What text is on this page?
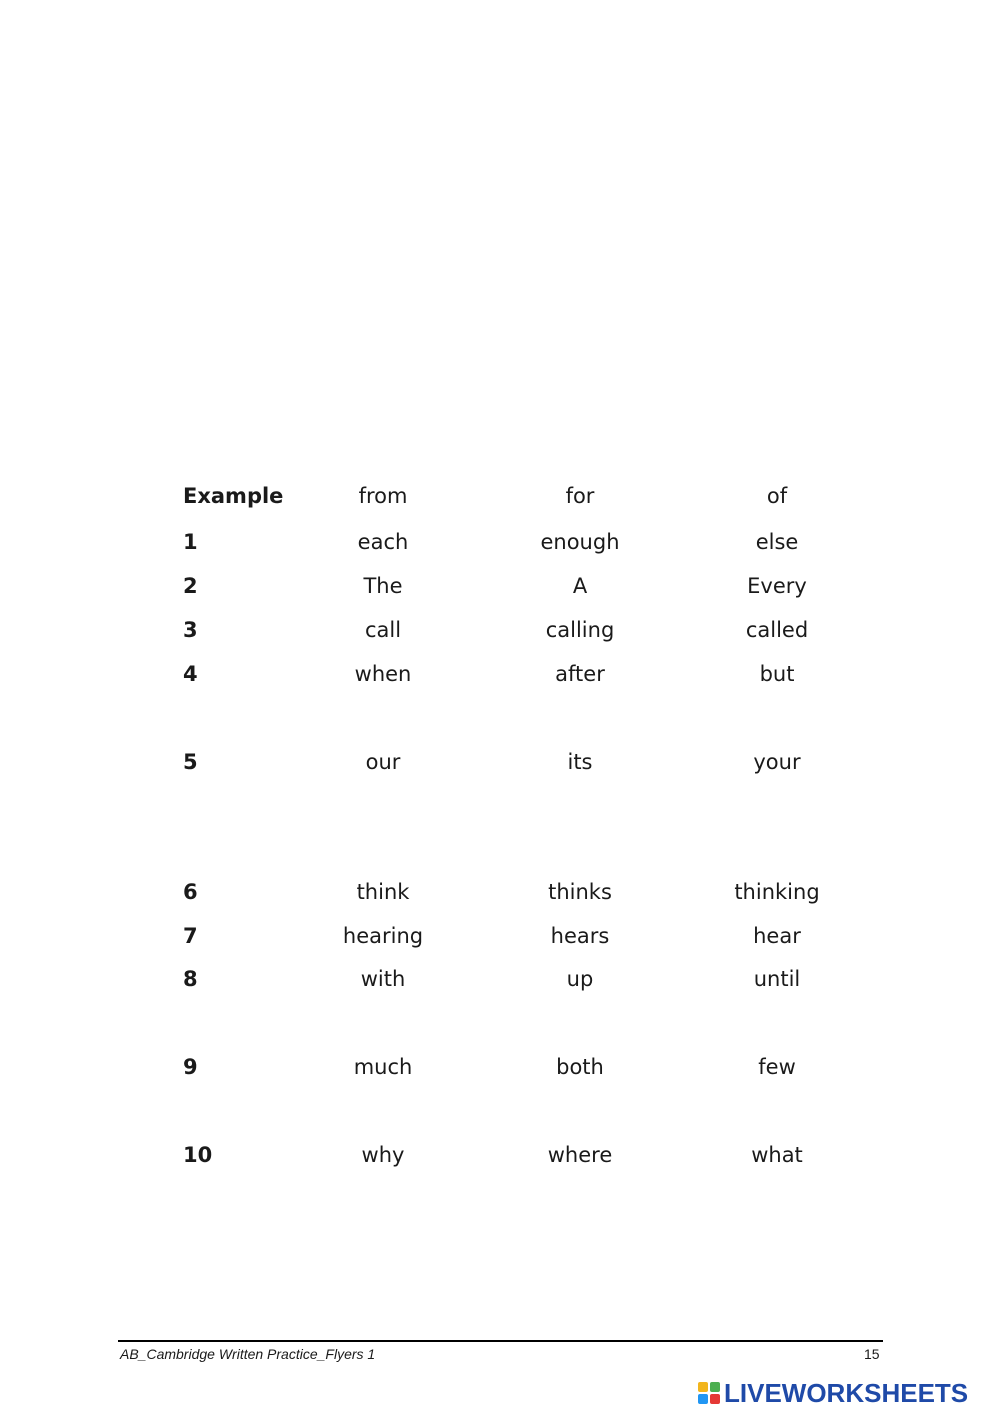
Example	from	for	of
1	each	enough	else
2	The	A	Every
3	call	calling	called
4	when	after	but
5	our	its	your
6	think	thinks	thinking
7	hearing	hears	hear
8	with	up	until
9	much	both	few
10	why	where	what
AB_Cambridge Written Practice_Flyers 1	15
LIVEWORKSHEETS
